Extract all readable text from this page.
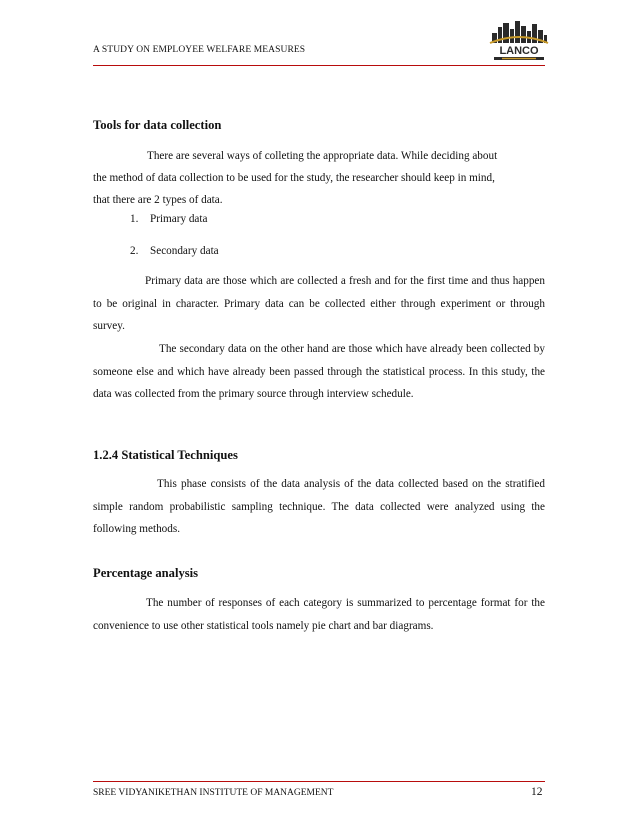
A STUDY ON EMPLOYEE WELFARE MEASURES	LANCO
Tools for data collection
There are several ways of colleting the appropriate data. While deciding about
the method of data collection to be used for the study, the researcher should keep in mind,
that there are 2 types of data.
1. Primary data
2. Secondary data
Primary data are those which are collected a fresh and for the first time and thus happen to be original in character. Primary data can be collected either through experiment or through survey.
The secondary data on the other hand are those which have already been collected by someone else and which have already been passed through the statistical process. In this study, the data was collected from the primary source through interview schedule.
1.2.4 Statistical Techniques
This phase consists of the data analysis of the data collected based on the stratified simple random probabilistic sampling technique. The data collected were analyzed using the following methods.
Percentage analysis
The number of responses of each category is summarized to percentage format for the convenience to use other statistical tools namely pie chart and bar diagrams.
SREE VIDYANIKETHAN INSTITUTE OF MANAGEMENT	12
